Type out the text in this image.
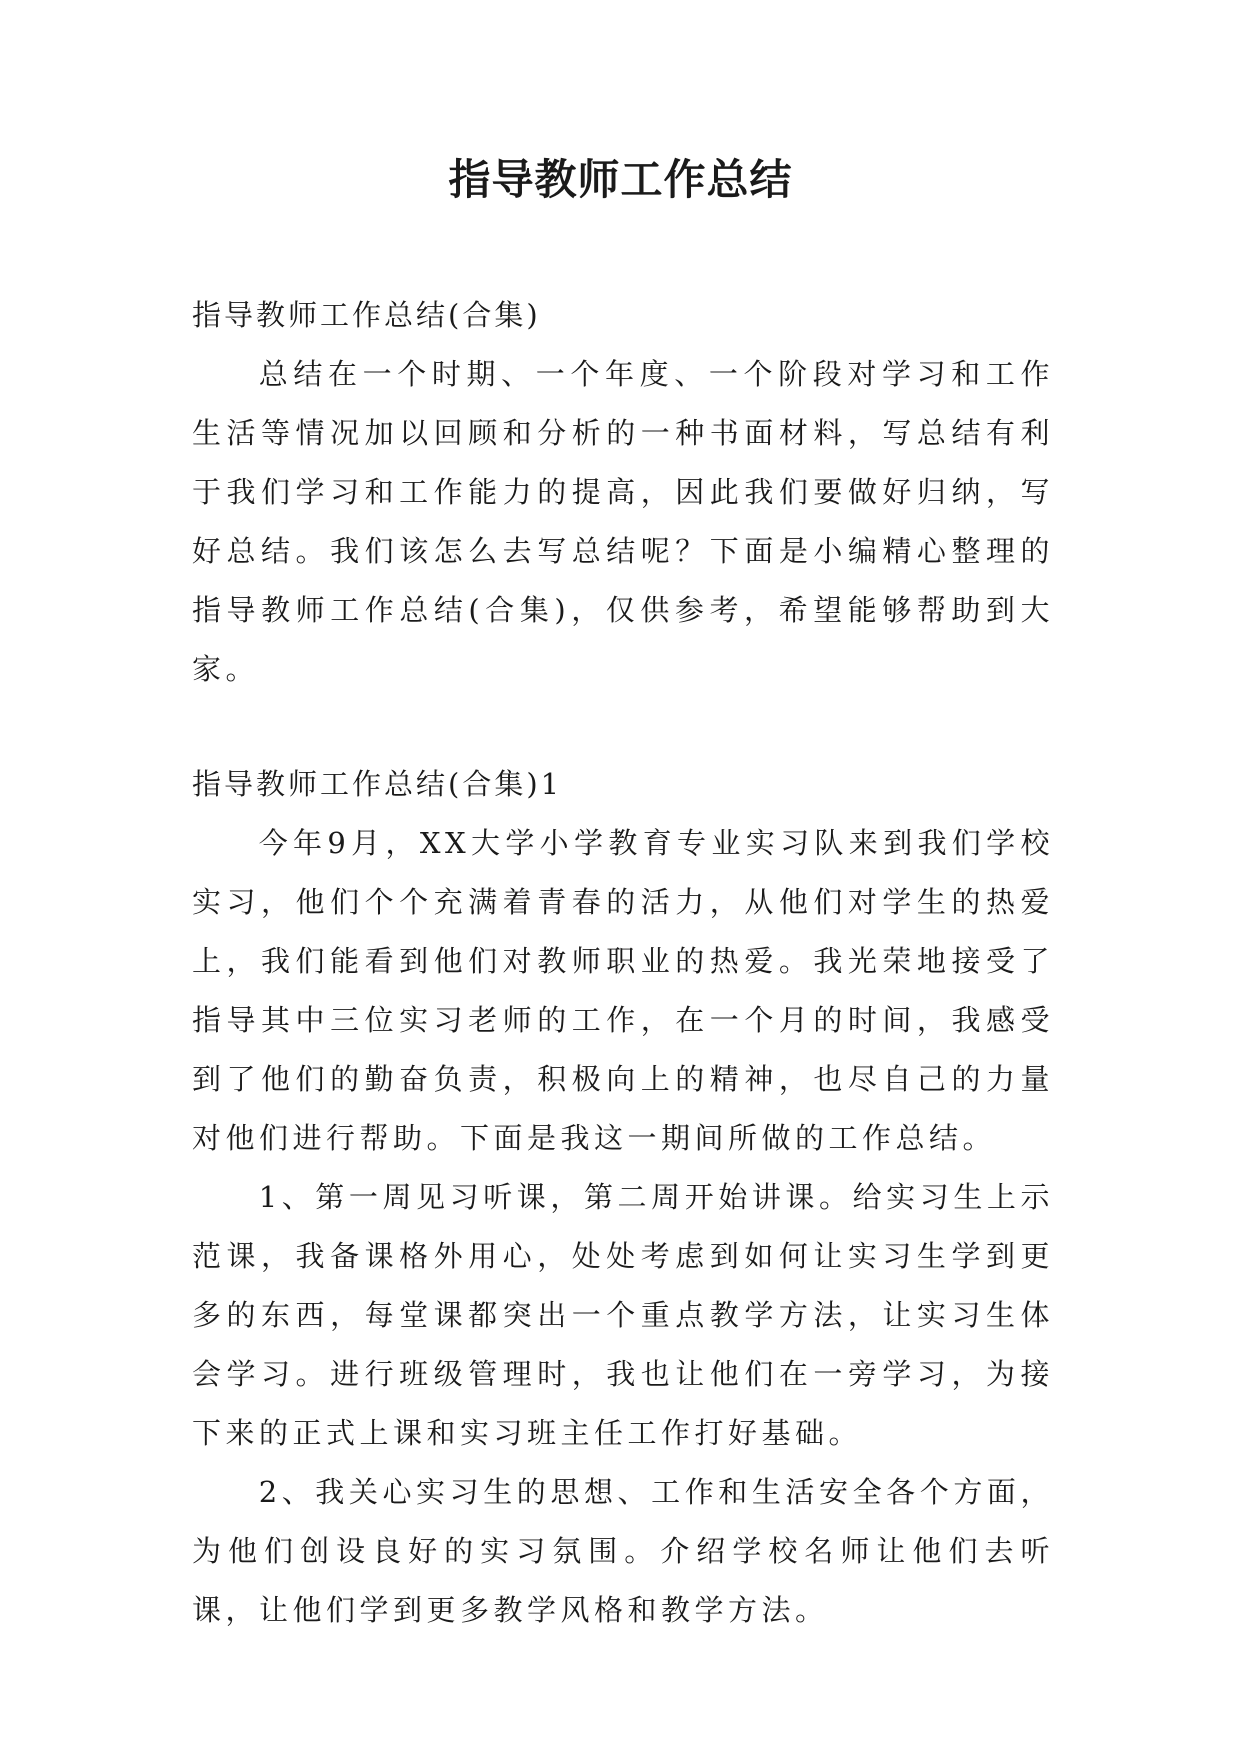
指导教师工作总结

指导教师工作总结(合集)

总结在一个时期、一个年度、一个阶段对学习和工作生活等情况加以回顾和分析的一种书面材料，写总结有利于我们学习和工作能力的提高，因此我们要做好归纳，写好总结。我们该怎么去写总结呢？下面是小编精心整理的指导教师工作总结(合集)，仅供参考，希望能够帮助到大家。

指导教师工作总结(合集)1

今年9月，XX大学小学教育专业实习队来到我们学校实习，他们个个充满着青春的活力，从他们对学生的热爱上，我们能看到他们对教师职业的热爱。我光荣地接受了指导其中三位实习老师的工作，在一个月的时间，我感受到了他们的勤奋负责，积极向上的精神，也尽自己的力量对他们进行帮助。下面是我这一期间所做的工作总结。

1、第一周见习听课，第二周开始讲课。给实习生上示范课，我备课格外用心，处处考虑到如何让实习生学到更多的东西，每堂课都突出一个重点教学方法，让实习生体会学习。进行班级管理时，我也让他们在一旁学习，为接下来的正式上课和实习班主任工作打好基础。

2、我关心实习生的思想、工作和生活安全各个方面，为他们创设良好的实习氛围。介绍学校名师让他们去听课，让他们学到更多教学风格和教学方法。
